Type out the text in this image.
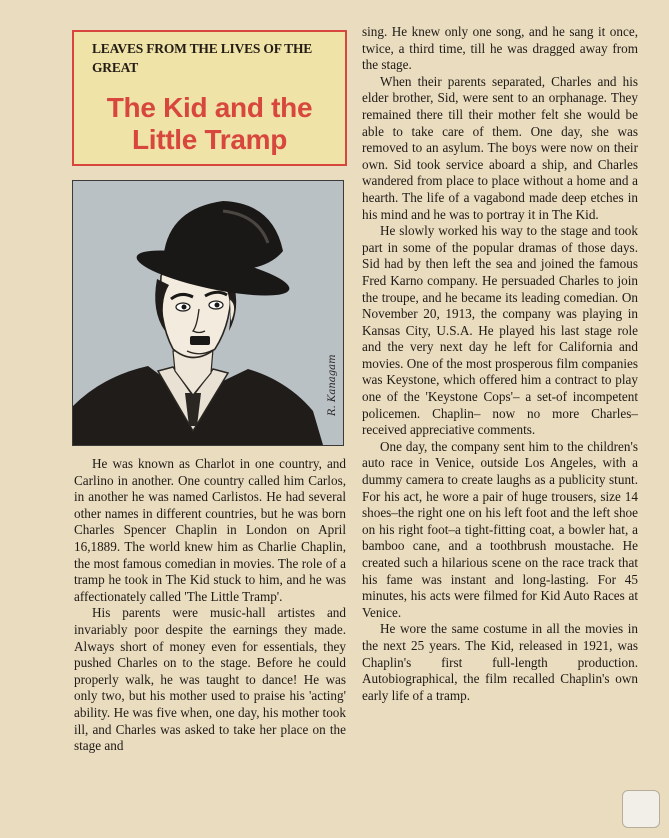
LEAVES FROM THE LIVES OF THE GREAT
The Kid and the
Little Tramp
R. Kanagam

He was known as Charlot in one country, and Carlino in another. One country called him Carlos, in another he was named Carlistos. He had several other names in different countries, but he was born Charles Spencer Chaplin in London on April 16,1889. The world knew him as Charlie Chaplin, the most famous comedian in movies. The role of a tramp he took in The Kid stuck to him, and he was affectionately called 'The Little Tramp'.

His parents were music-hall artistes and invariably poor despite the earnings they made. Always short of money even for essentials, they pushed Charles on to the stage. Before he could properly walk, he was taught to dance! He was only two, but his mother used to praise his 'acting' ability. He was five when, one day, his mother took ill, and Charles was asked to take her place on the stage and

sing. He knew only one song, and he sang it once, twice, a third time, till he was dragged away from the stage.

When their parents separated, Charles and his elder brother, Sid, were sent to an orphanage. They remained there till their mother felt she would be able to take care of them. One day, she was removed to an asylum. The boys were now on their own. Sid took service aboard a ship, and Charles wandered from place to place without a home and a hearth. The life of a vagabond made deep etches in his mind and he was to portray it in The Kid.

He slowly worked his way to the stage and took part in some of the popular dramas of those days. Sid had by then left the sea and joined the famous Fred Karno company. He persuaded Charles to join the troupe, and he became its leading comedian. On November 20, 1913, the company was playing in Kansas City, U.S.A. He played his last stage role and the very next day he left for California and movies. One of the most prosperous film companies was Keystone, which offered him a contract to play one of the 'Keystone Cops'– a set-of incompetent policemen. Chaplin– now no more Charles–received appreciative comments.

One day, the company sent him to the children's auto race in Venice, outside Los Angeles, with a dummy camera to create laughs as a publicity stunt. For his act, he wore a pair of huge trousers, size 14 shoes–the right one on his left foot and the left shoe on his right foot–a tight-fitting coat, a bowler hat, a bamboo cane, and a toothbrush moustache. He created such a hilarious scene on the race track that his fame was instant and long-lasting. For 45 minutes, his acts were filmed for Kid Auto Races at Venice.

He wore the same costume in all the movies in the next 25 years. The Kid, released in 1921, was Chaplin's first full-length production. Autobiographical, the film recalled Chaplin's own early life of a tramp.
